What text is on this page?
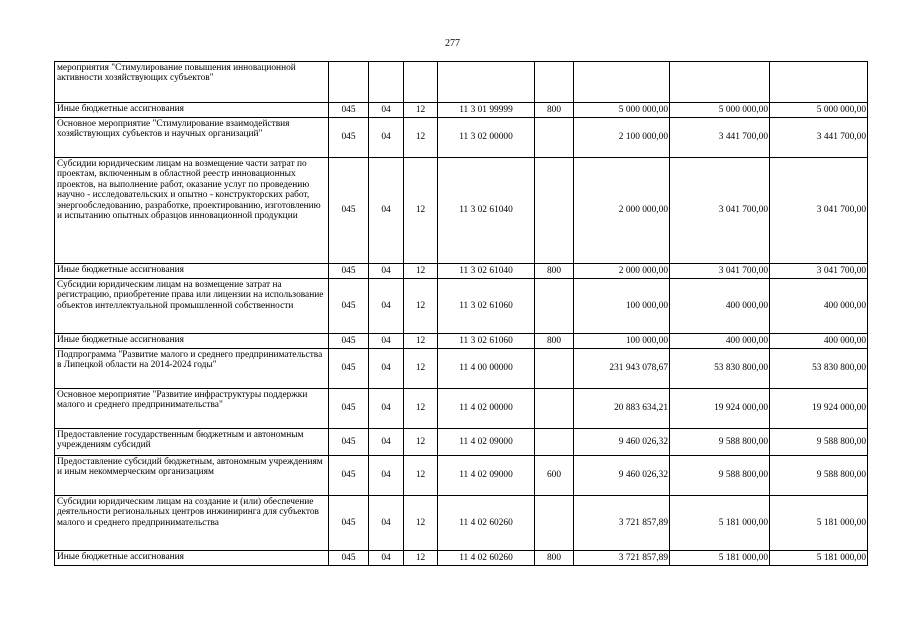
277
мероприятия "Стимулирование повышения инновационной активности хозяйствующих субъектов"								
Иные бюджетные ассигнования	045	04	12	11 3 01 99999	800	5 000 000,00	5 000 000,00	5 000 000,00
Основное мероприятие "Стимулирование взаимодействия хозяйствующих субъектов и научных организаций"	045	04	12	11 3 02 00000		2 100 000,00	3 441 700,00	3 441 700,00
Субсидии юридическим лицам на возмещение части затрат по проектам, включенным в областной реестр инновационных проектов, на выполнение работ, оказание услуг по проведению научно - исследовательских и опытно - конструкторских работ, энергообследованию, разработке, проектированию, изготовлению и испытанию опытных образцов инновационной продукции	045	04	12	11 3 02 61040		2 000 000,00	3 041 700,00	3 041 700,00
Иные бюджетные ассигнования	045	04	12	11 3 02 61040	800	2 000 000,00	3 041 700,00	3 041 700,00
Субсидии юридическим лицам на возмещение затрат на регистрацию, приобретение права или лицензии на использование объектов интеллектуальной промышленной собственности	045	04	12	11 3 02 61060		100 000,00	400 000,00	400 000,00
Иные бюджетные ассигнования	045	04	12	11 3 02 61060	800	100 000,00	400 000,00	400 000,00
Подпрограмма "Развитие малого и среднего предпринимательства в Липецкой области на 2014-2024 годы"	045	04	12	11 4 00 00000		231 943 078,67	53 830 800,00	53 830 800,00
Основное мероприятие "Развитие инфраструктуры поддержки малого и среднего предпринимательства"	045	04	12	11 4 02 00000		20 883 634,21	19 924 000,00	19 924 000,00
Предоставление государственным бюджетным и автономным учреждениям субсидий	045	04	12	11 4 02 09000		9 460 026,32	9 588 800,00	9 588 800,00
Предоставление субсидий бюджетным, автономным учреждениям и иным некоммерческим организациям	045	04	12	11 4 02 09000	600	9 460 026,32	9 588 800,00	9 588 800,00
Субсидии юридическим лицам на создание и (или) обеспечение деятельности региональных центров инжиниринга для субъектов малого и среднего предпринимательства	045	04	12	11 4 02 60260		3 721 857,89	5 181 000,00	5 181 000,00
Иные бюджетные ассигнования	045	04	12	11 4 02 60260	800	3 721 857,89	5 181 000,00	5 181 000,00
